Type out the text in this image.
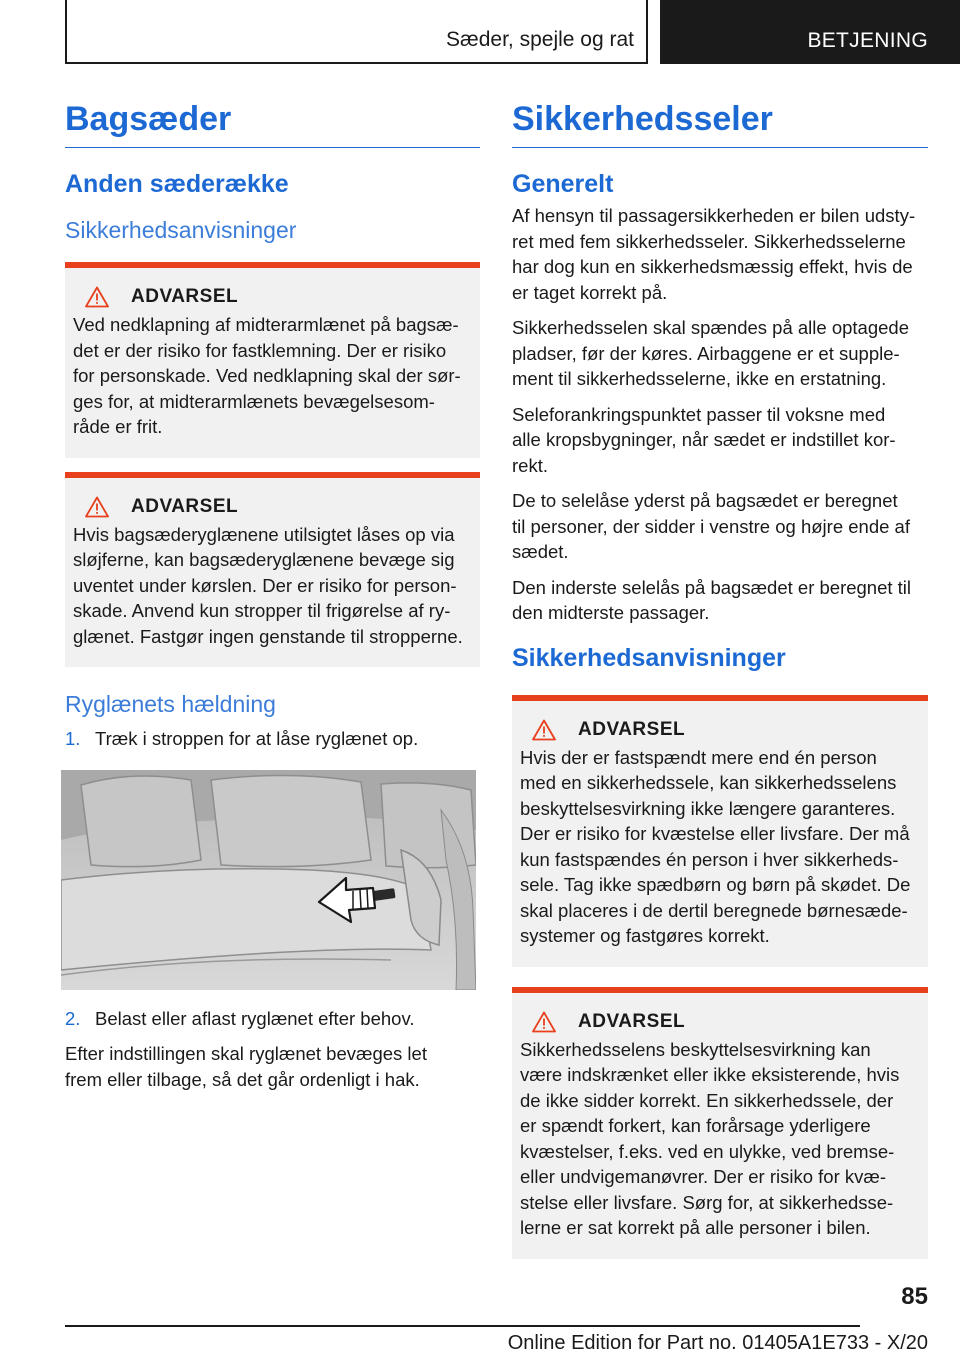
Sæder, spejle og rat	BETJENING
Bagsæder
Anden sæderække
Sikkerhedsanvisninger
ADVARSEL

Ved nedklapning af midterarmlænet på bagsæ-
det er der risiko for fastklemning. Der er risiko
for personskade. Ved nedklapning skal der sør-
ges for, at midterarmlænets bevægelsesom-
råde er frit.

ADVARSEL

Hvis bagsæderyglænene utilsigtet låses op via
sløjferne, kan bagsæderyglænene bevæge sig
uventet under kørslen. Der er risiko for person-
skade. Anvend kun stropper til frigørelse af ry-
glænet. Fastgør ingen genstande til stropperne.

Ryglænets hældning
1. Træk i stroppen for at låse ryglænet op.
2. Belast eller aflast ryglænet efter behov.

Efter indstillingen skal ryglænet bevæges let
frem eller tilbage, så det går ordenligt i hak.

Sikkerhedsseler
Generelt

Af hensyn til passagersikkerheden er bilen udsty-
ret med fem sikkerhedsseler. Sikkerhedsselerne
har dog kun en sikkerhedsmæssig effekt, hvis de
er taget korrekt på.

Sikkerhedsselen skal spændes på alle optagede
pladser, før der køres. Airbaggene er et supple-
ment til sikkerhedsselerne, ikke en erstatning.

Seleforankringspunktet passer til voksne med
alle kropsbygninger, når sædet er indstillet kor-
rekt.

De to selelåse yderst på bagsædet er beregnet
til personer, der sidder i venstre og højre ende af
sædet.

Den inderste selelås på bagsædet er beregnet til
den midterste passager.

Sikkerhedsanvisninger
ADVARSEL

Hvis der er fastspændt mere end én person
med en sikkerhedssele, kan sikkerhedsselens
beskyttelsesvirkning ikke længere garanteres.
Der er risiko for kvæstelse eller livsfare. Der må
kun fastspændes én person i hver sikkerheds-
sele. Tag ikke spædbørn og børn på skødet. De
skal placeres i de dertil beregnede børnesæde-
systemer og fastgøres korrekt.

ADVARSEL

Sikkerhedsselens beskyttelsesvirkning kan
være indskrænket eller ikke eksisterende, hvis
de ikke sidder korrekt. En sikkerhedssele, der
er spændt forkert, kan forårsage yderligere
kvæstelser, f.eks. ved en ulykke, ved bremse-
eller undvigemanøvrer. Der er risiko for kvæ-
stelse eller livsfare. Sørg for, at sikkerhedsse-
lerne er sat korrekt på alle personer i bilen.

85
Online Edition for Part no. 01405A1E733 - X/20
